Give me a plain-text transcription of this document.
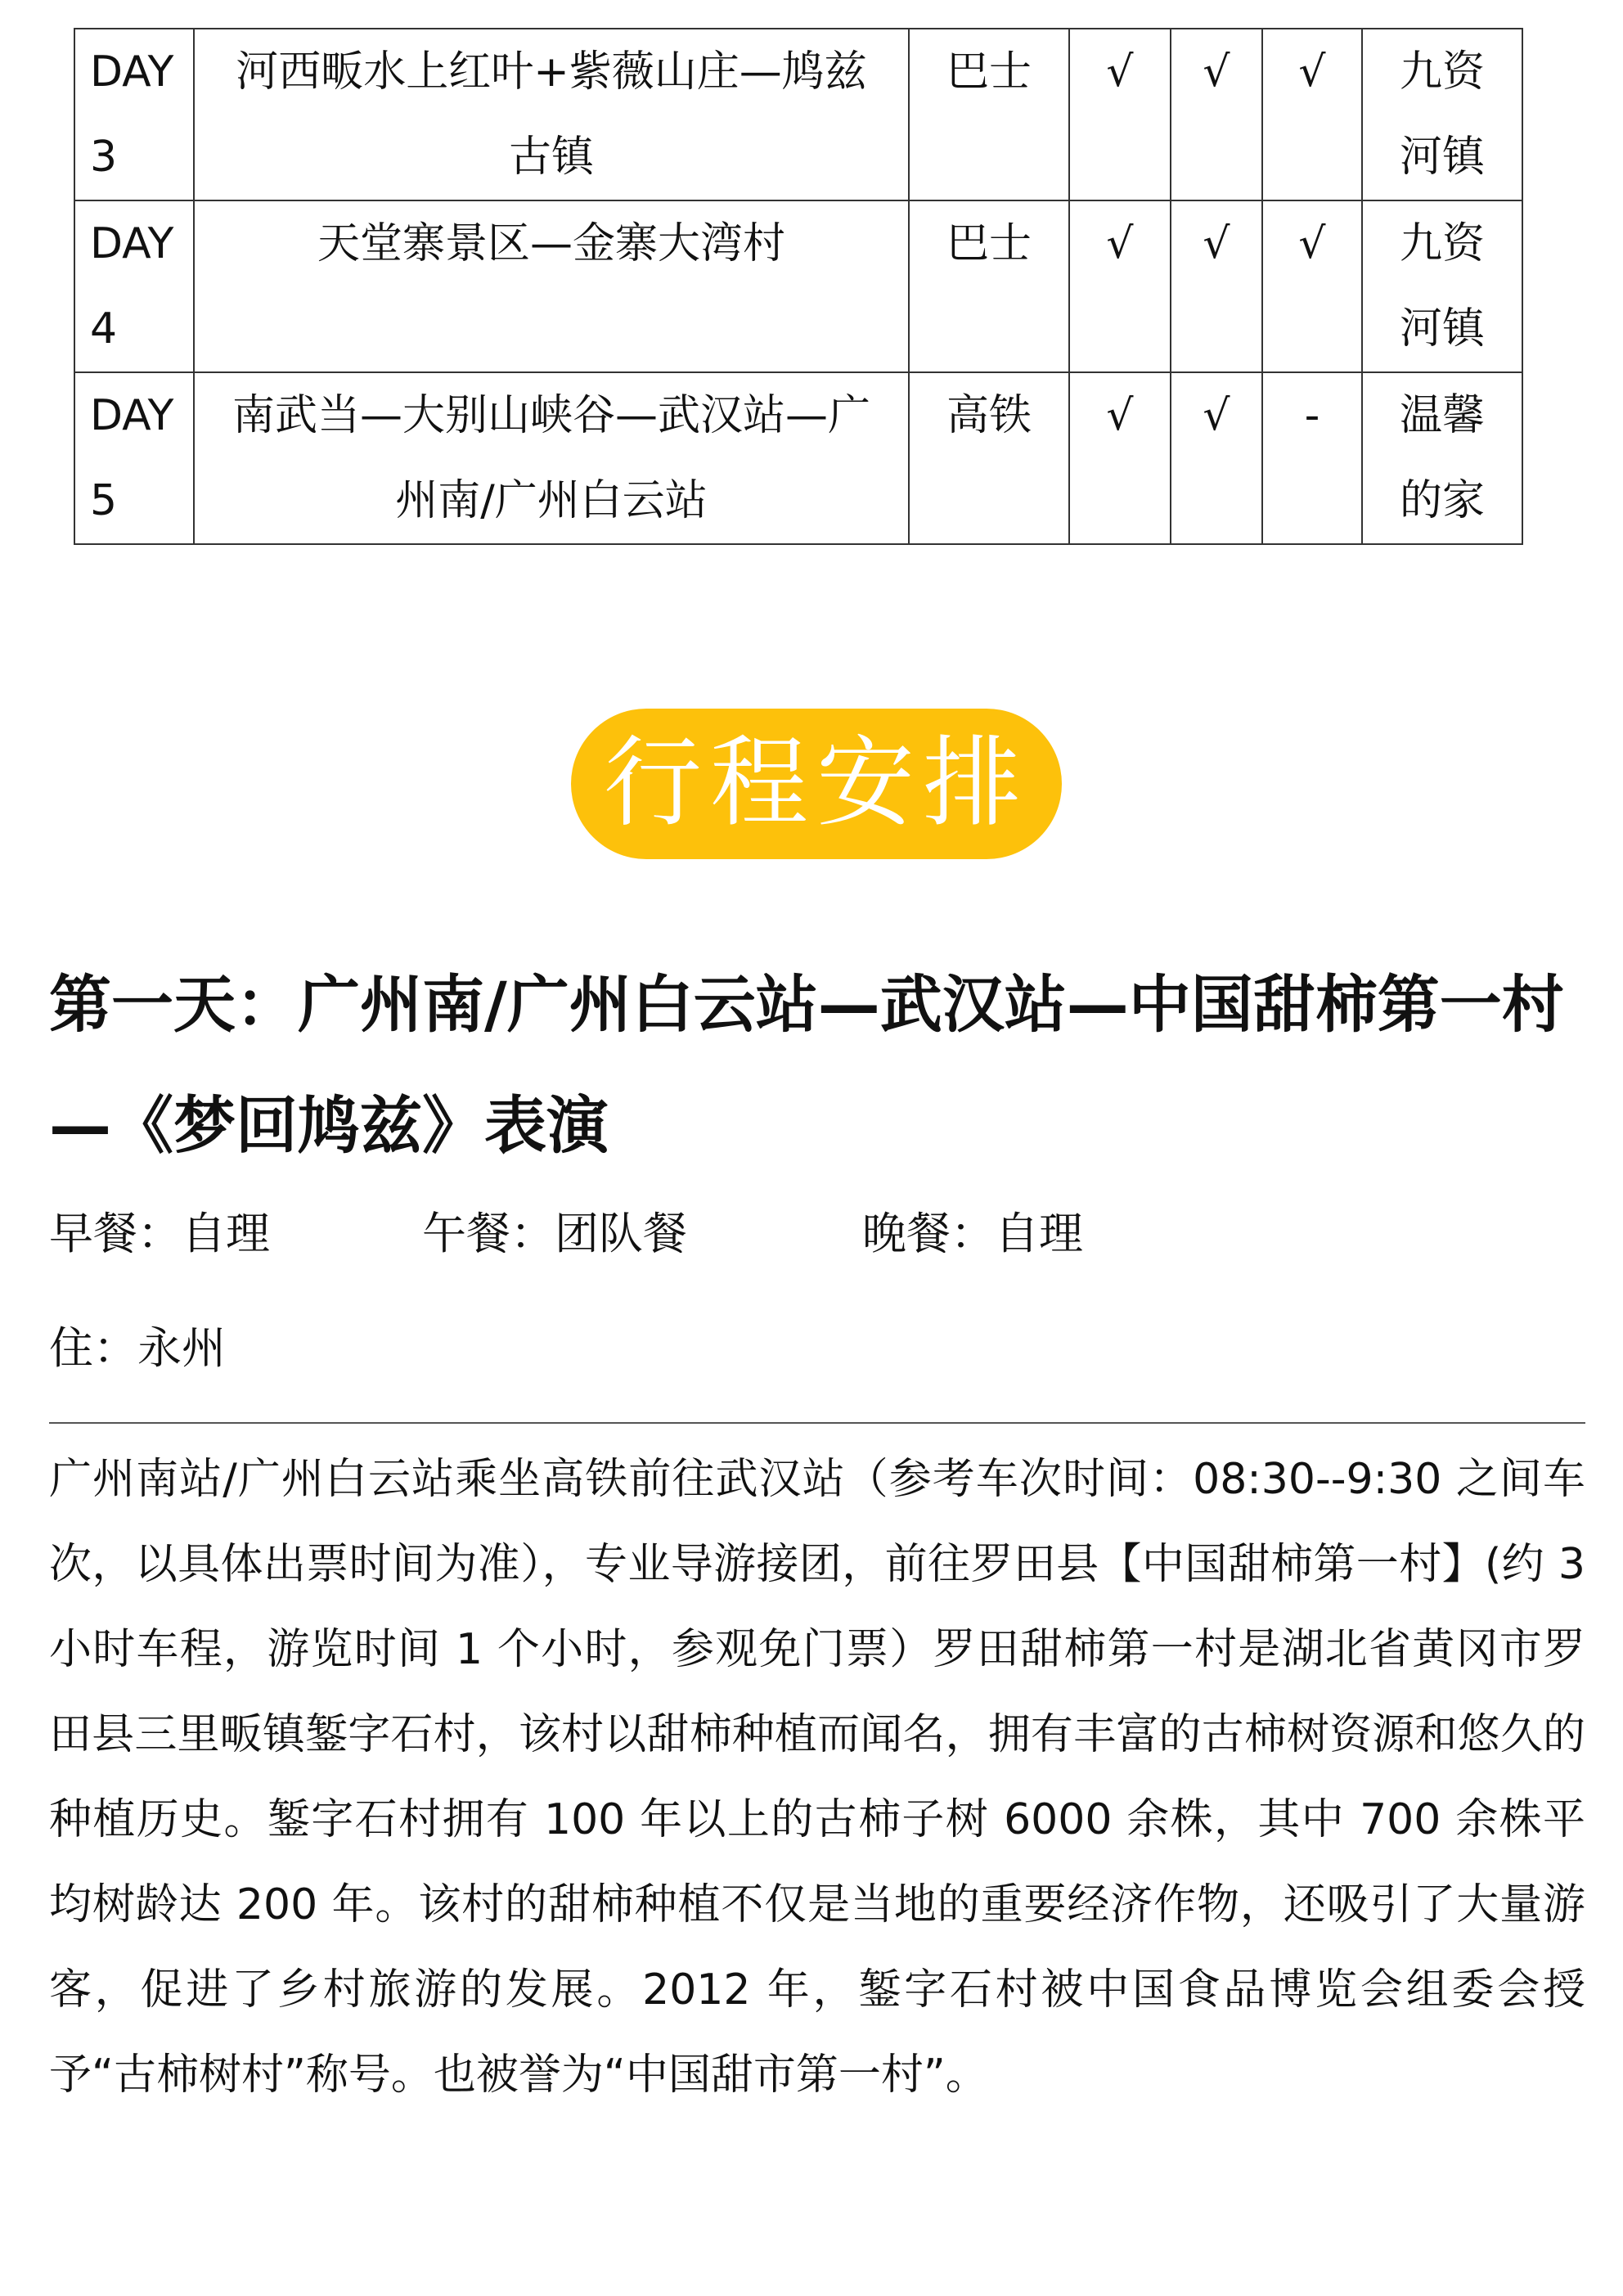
DAY3	河西畈水上红叶+紫薇山庄—鸠兹古镇	巴士	√	√	√	九资河镇
DAY4	天堂寨景区—金寨大湾村	巴士	√	√	√	九资河镇
DAY5	南武当—大别山峡谷—武汉站—广州南/广州白云站	高铁	√	√	-	温馨的家
行程安排
第一天：广州南/广州白云站—武汉站—中国甜柿第一村—《梦回鸠兹》表演
早餐：自理	午餐：团队餐	晚餐：自理
住：永州

广州南站/广州白云站乘坐高铁前往武汉站（参考车次时间：08:30--9:30 之间车次，以具体出票时间为准），专业导游接团，前往罗田县【中国甜柿第一村】(约 3 小时车程，游览时间 1 个小时，参观免门票）罗田甜柿第一村是湖北省黄冈市罗田县三里畈镇錾字石村，该村以甜柿种植而闻名，拥有丰富的古柿树资源和悠久的种植历史。錾字石村拥有 100 年以上的古柿子树 6000 余株，其中 700 余株平均树龄达 200 年。该村的甜柿种植不仅是当地的重要经济作物，还吸引了大量游客，促进了乡村旅游的发展。2012 年，錾字石村被中国食品博览会组委会授予“古柿树村”称号。也被誉为“中国甜市第一村”。
